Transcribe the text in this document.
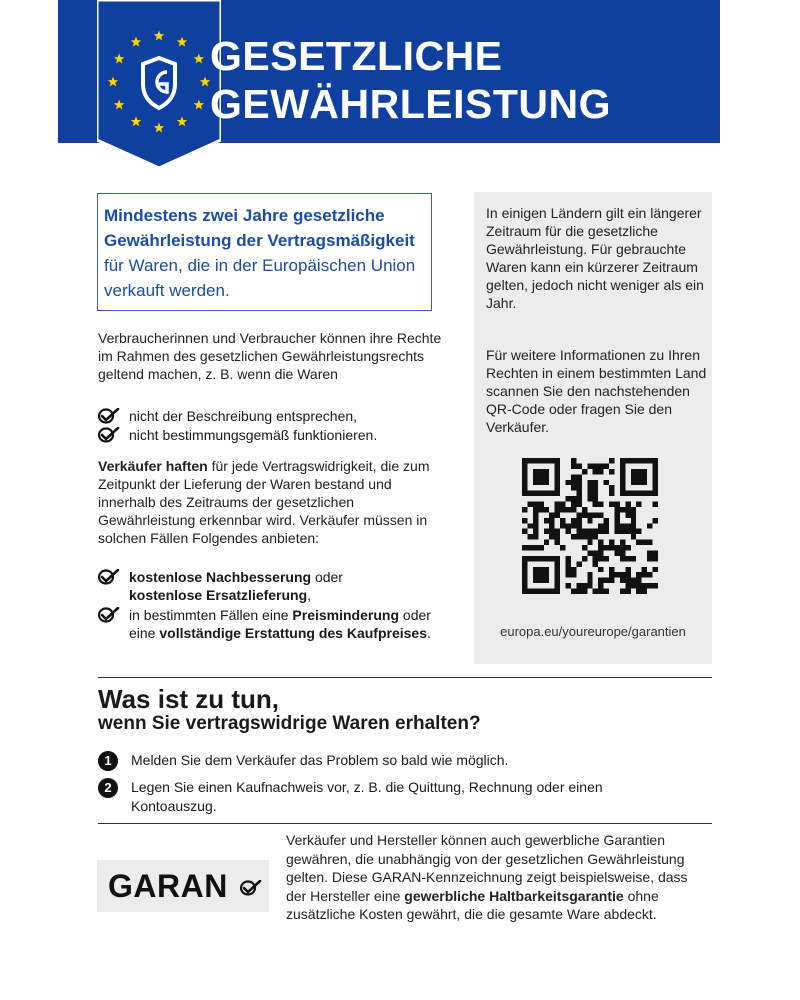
GESETZLICHE
GEWÄHRLEISTUNG
Mindestens zwei Jahre gesetzliche Gewährleistung der Vertragsmäßigkeit für Waren, die in der Europäischen Union verkauft werden.
In einigen Ländern gilt ein längerer Zeitraum für die gesetzliche Gewährleistung. Für gebrauchte Waren kann ein kürzerer Zeitraum gelten, jedoch nicht weniger als ein Jahr.
Für weitere Informationen zu Ihren Rechten in einem bestimmten Land scannen Sie den nachstehenden QR-Code oder fragen Sie den Verkäufer.
europa.eu/youreurope/garantien
Verbraucherinnen und Verbraucher können ihre Rechte im Rahmen des gesetzlichen Gewährleistungsrechts geltend machen, z. B. wenn die Waren
nicht der Beschreibung entsprechen,
nicht bestimmungsgemäß funktionieren.
Verkäufer haften für jede Vertragswidrigkeit, die zum Zeitpunkt der Lieferung der Waren bestand und innerhalb des Zeitraums der gesetzlichen Gewährleistung erkennbar wird. Verkäufer müssen in solchen Fällen Folgendes anbieten:
kostenlose Nachbesserung oder kostenlose Ersatzlieferung,
in bestimmten Fällen eine Preisminderung oder eine vollständige Erstattung des Kaufpreises.
Was ist zu tun,
wenn Sie vertragswidrige Waren erhalten?
1	Melden Sie dem Verkäufer das Problem so bald wie möglich.
2	Legen Sie einen Kaufnachweis vor, z. B. die Quittung, Rechnung oder einen Kontoauszug.
GARAN
Verkäufer und Hersteller können auch gewerbliche Garantien gewähren, die unabhängig von der gesetzlichen Gewährleistung gelten. Diese GARAN-Kennzeichnung zeigt beispielsweise, dass der Hersteller eine gewerbliche Haltbarkeitsgarantie ohne zusätzliche Kosten gewährt, die die gesamte Ware abdeckt.
